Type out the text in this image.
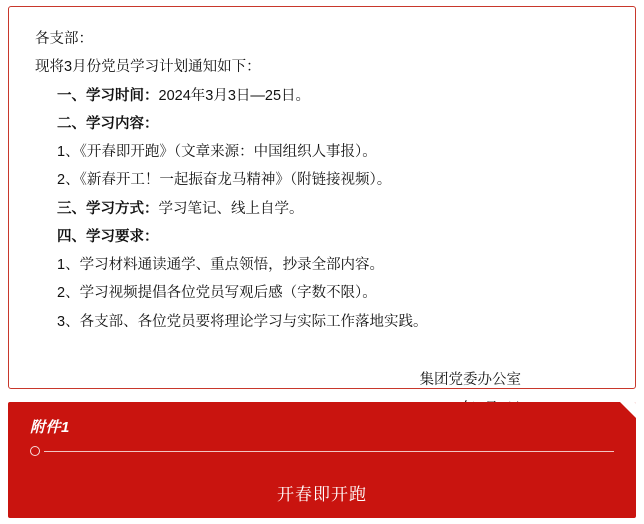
各支部：
现将3月份党员学习计划通知如下：
一、学习时间：2024年3月3日—25日。
二、学习内容：
1、《开春即开跑》（文章来源：中国组织人事报）。
2、《新春开工！一起振奋龙马精神》（附链接视频）。
三、学习方式：学习笔记、线上自学。
四、学习要求：
1、学习材料通读通学、重点领悟，抄录全部内容。
2、学习视频提倡各位党员写观后感（字数不限）。
3、各支部、各位党员要将理论学习与实际工作落地实践。
集团党委办公室
附件1
开春即开跑
